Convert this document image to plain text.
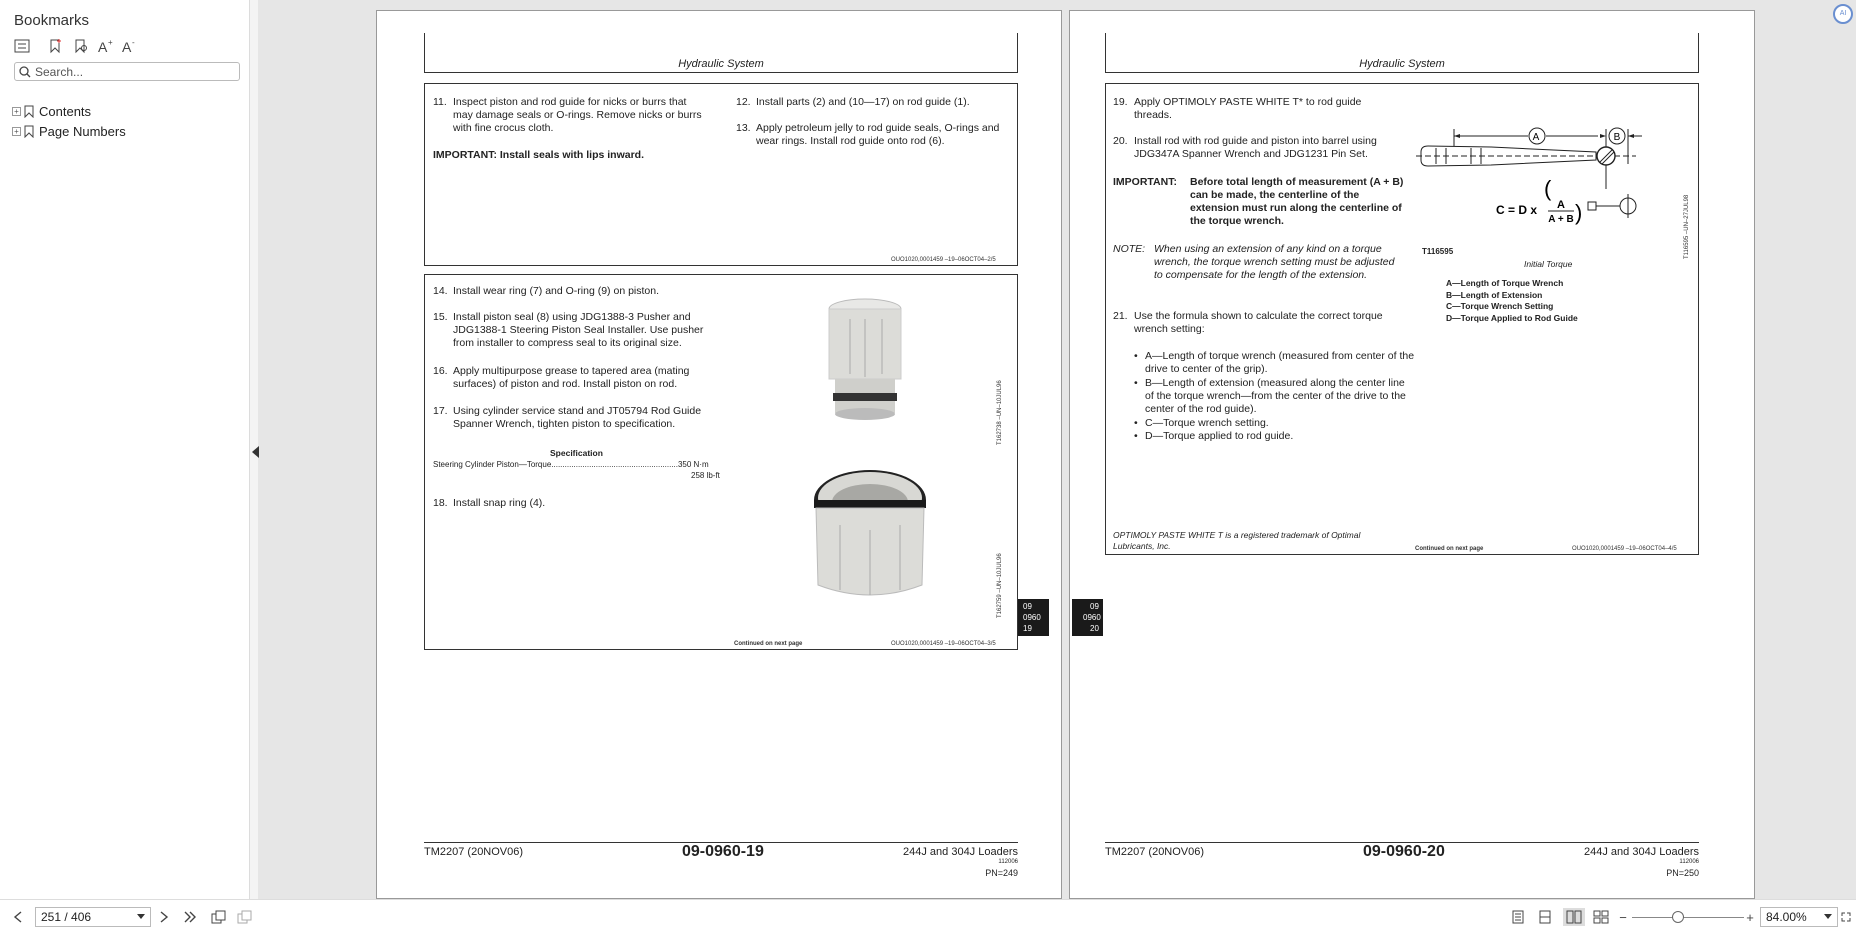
Bookmarks
A + A -
Search...
+ Contents
+ Page Numbers
Hydraulic System
11. Inspect piston and rod guide for nicks or burrs that may damage seals or O-rings. Remove nicks or burrs with fine crocus cloth.
IMPORTANT: Install seals with lips inward.
12. Install parts (2) and (10—17) on rod guide (1).
13. Apply petroleum jelly to rod guide seals, O-rings and wear rings. Install rod guide onto rod (6).
OUO1020,0001459 –19–06OCT04–2/5
14. Install wear ring (7) and O-ring (9) on piston.
15. Install piston seal (8) using JDG1388-3 Pusher and JDG1388-1 Steering Piston Seal Installer. Use pusher from installer to compress seal to its original size.
16. Apply multipurpose grease to tapered area (mating surfaces) of piston and rod. Install piston on rod.
17. Using cylinder service stand and JT05794 Rod Guide Spanner Wrench, tighten piston to specification.
Specification
Steering Cylinder Piston—Torque.........................................................350 N·m
258 lb-ft
18. Install snap ring (4).
T162738 –UN–10JUL96
T162759 –UN–10JUL96
Continued on next page	OUO1020,0001459 –19–06OCT04–3/5
09
0960
19
TM2207 (20NOV06)	09-0960-19	244J and 304J Loaders
112006
PN=249
Hydraulic System
19. Apply OPTIMOLY PASTE WHITE T* to rod guide threads.
20. Install rod with rod guide and piston into barrel using JDG347A Spanner Wrench and JDG1231 Pin Set.
IMPORTANT: Before total length of measurement (A + B) can be made, the centerline of the extension must run along the centerline of the torque wrench.
NOTE: When using an extension of any kind on a torque wrench, the torque wrench setting must be adjusted to compensate for the length of the extension.
21. Use the formula shown to calculate the correct torque wrench setting:
• A—Length of torque wrench (measured from center of the drive to center of the grip).
• B—Length of extension (measured along the center line of the torque wrench—from the center of the drive to the center of the rod guide).
• C—Torque wrench setting.
• D—Torque applied to rod guide.
A	B
C = D x
(
A
A + B )	T116595 –UN–27JUL98
T116595
Initial Torque
A—Length of Torque Wrench
B—Length of Extension
C—Torque Wrench Setting
D—Torque Applied to Rod Guide
OPTIMOLY PASTE WHITE T is a registered trademark of Optimal Lubricants, Inc.	Continued on next page	OUO1020,0001459 –19–06OCT04–4/5
09
0960
20
TM2207 (20NOV06)	09-0960-20	244J and 304J Loaders
112006
PN=250
AI
251 / 406	−	+	84.00%
